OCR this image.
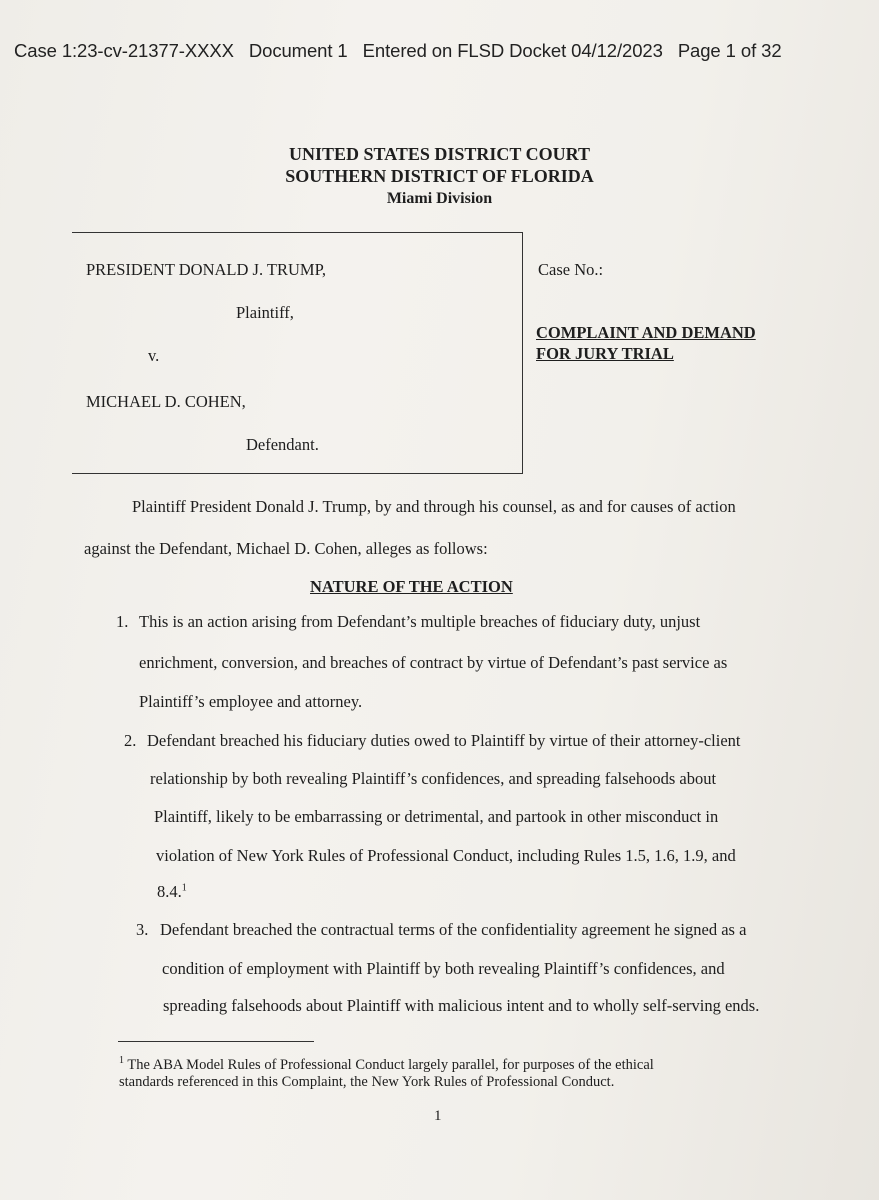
Case 1:23-cv-21377-XXXX Document 1 Entered on FLSD Docket 04/12/2023 Page 1 of 32
UNITED STATES DISTRICT COURT
SOUTHERN DISTRICT OF FLORIDA
Miami Division
PRESIDENT DONALD J. TRUMP,
Plaintiff,
v.
MICHAEL D. COHEN,
Defendant.
Case No.:
COMPLAINT AND DEMAND
FOR JURY TRIAL
Plaintiff President Donald J. Trump, by and through his counsel, as and for causes of action
against the Defendant, Michael D. Cohen, alleges as follows:
NATURE OF THE ACTION
1. This is an action arising from Defendant’s multiple breaches of fiduciary duty, unjust
enrichment, conversion, and breaches of contract by virtue of Defendant’s past service as
Plaintiff’s employee and attorney.
2. Defendant breached his fiduciary duties owed to Plaintiff by virtue of their attorney-client
relationship by both revealing Plaintiff’s confidences, and spreading falsehoods about
Plaintiff, likely to be embarrassing or detrimental, and partook in other misconduct in
violation of New York Rules of Professional Conduct, including Rules 1.5, 1.6, 1.9, and
8.4.$^1$
3. Defendant breached the contractual terms of the confidentiality agreement he signed as a
condition of employment with Plaintiff by both revealing Plaintiff’s confidences, and
spreading falsehoods about Plaintiff with malicious intent and to wholly self-serving ends.
$^1$ The ABA Model Rules of Professional Conduct largely parallel, for purposes of the ethical
standards referenced in this Complaint, the New York Rules of Professional Conduct.
1
